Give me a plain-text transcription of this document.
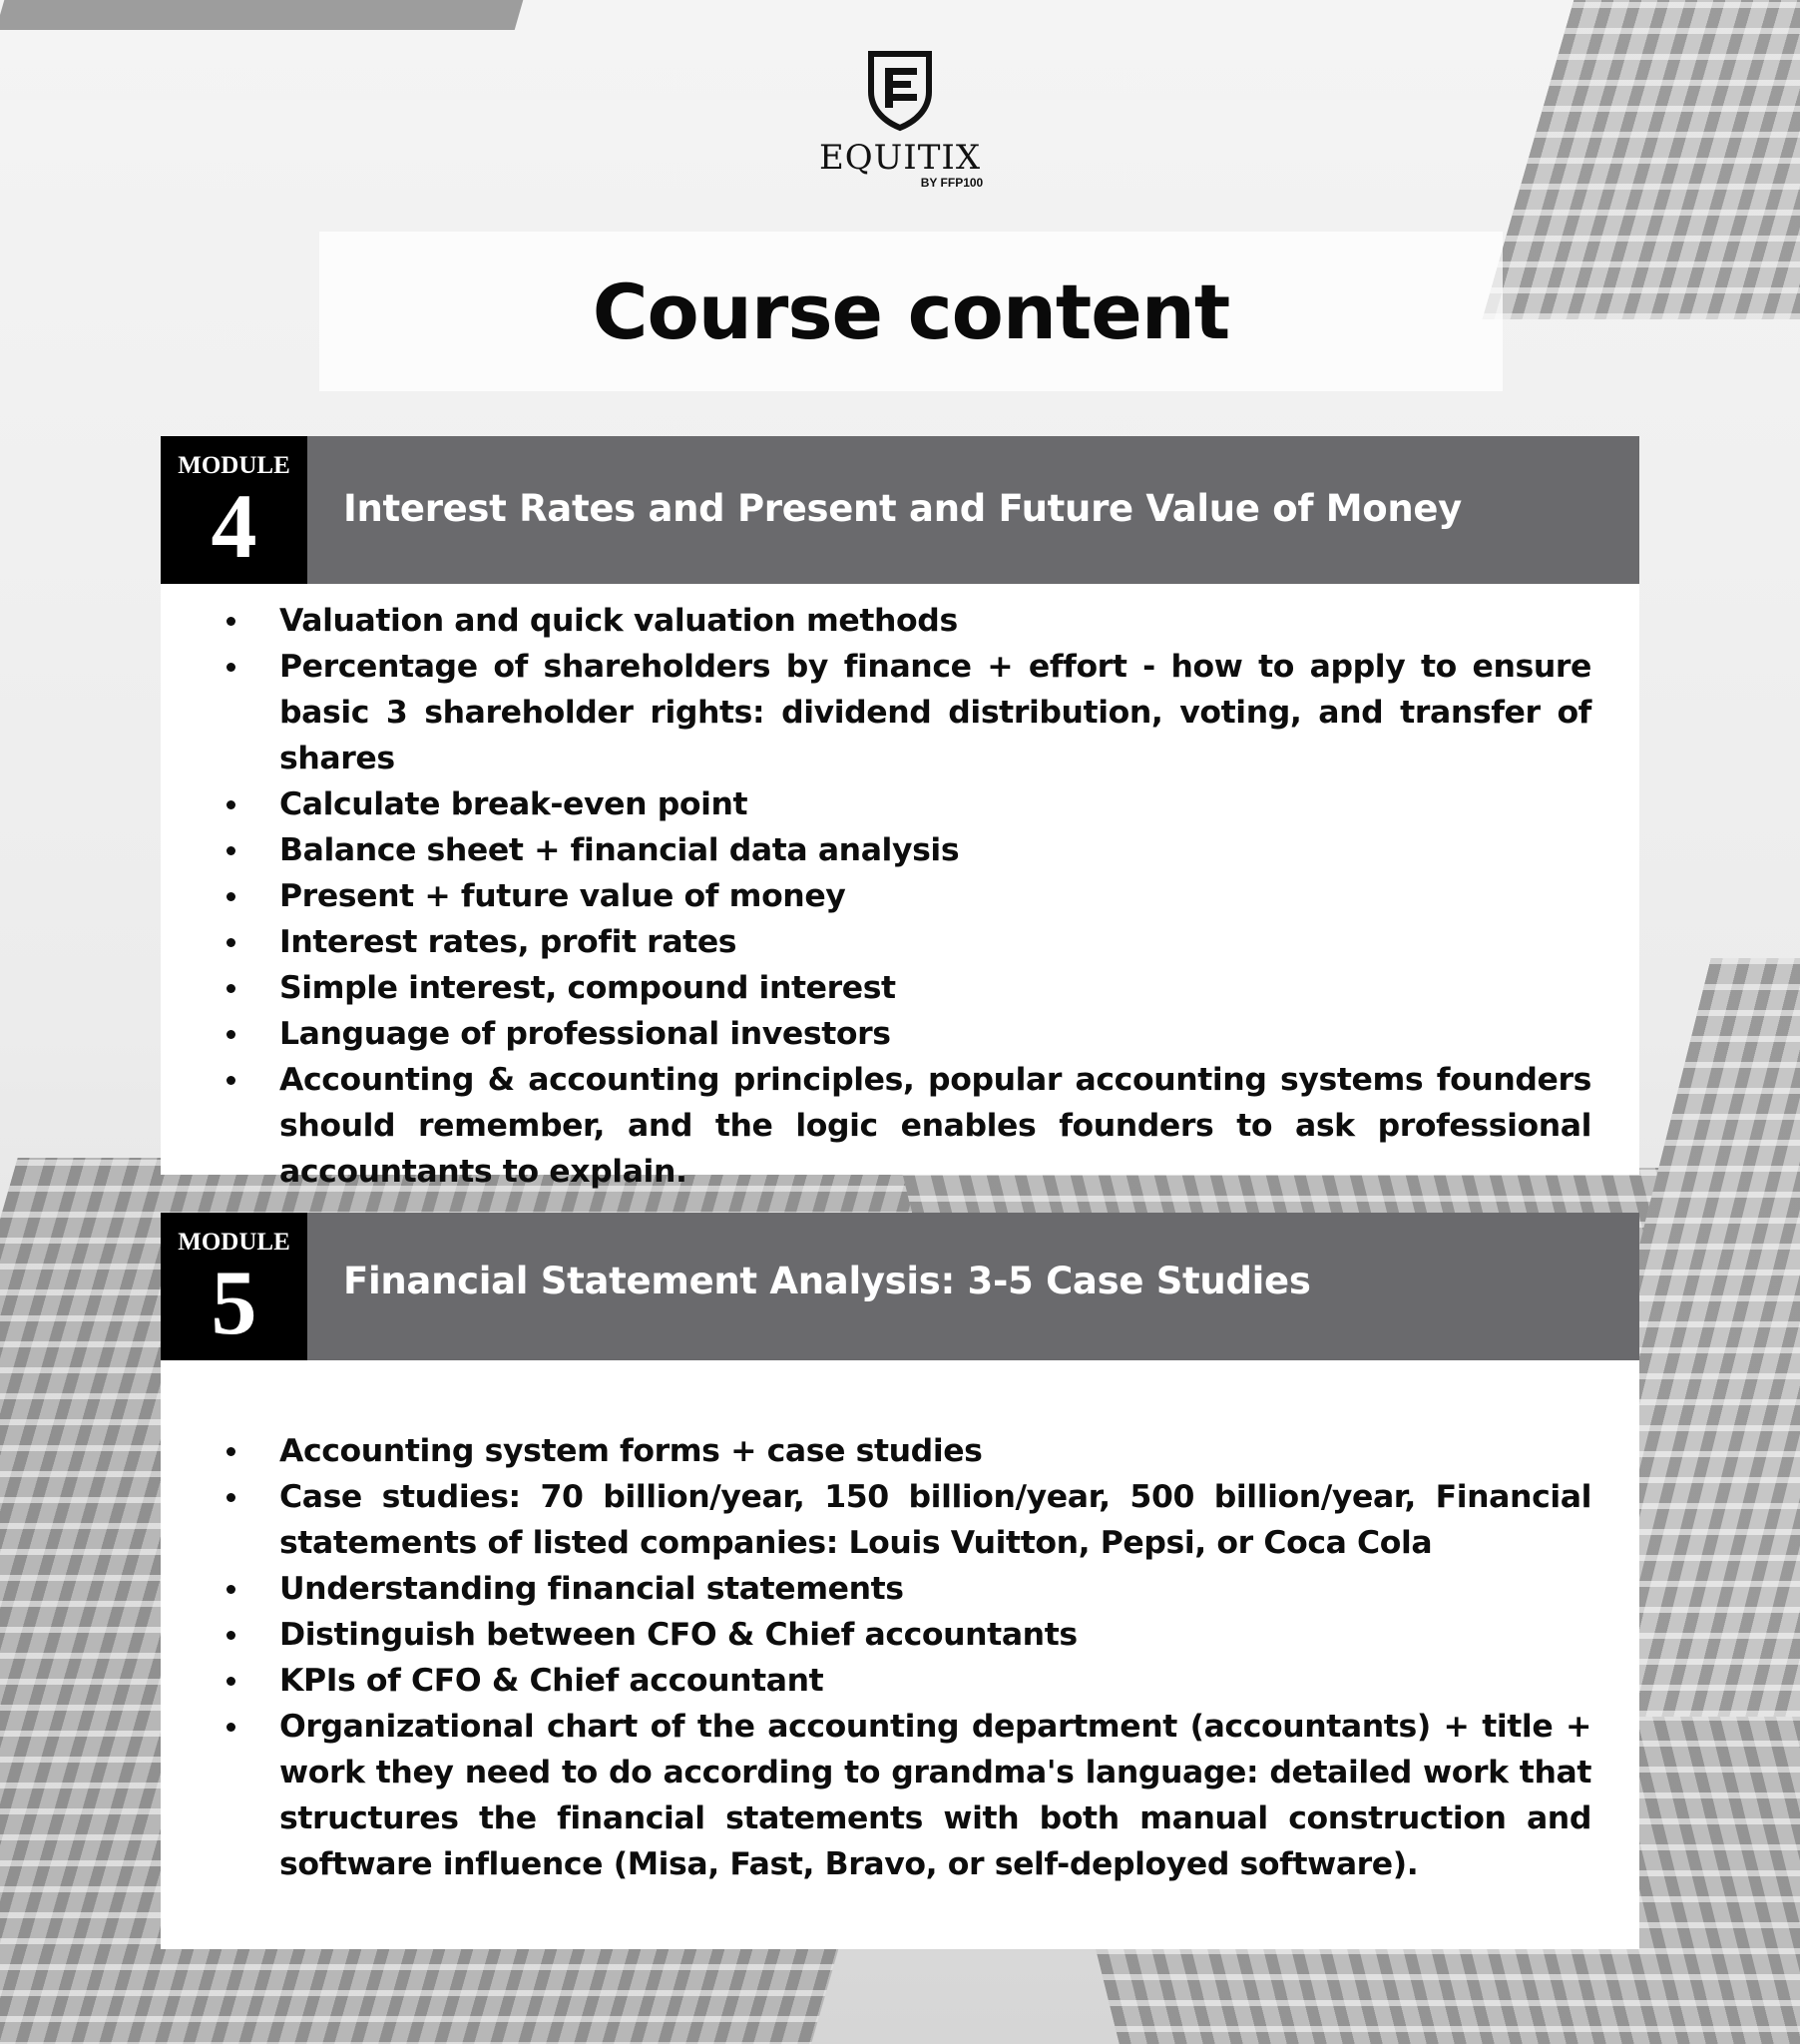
EQUITIX
BY FFP100
Course content
MODULE
4	Interest Rates and Present and Future Value of Money
Valuation and quick valuation methods
Percentage of shareholders by finance + effort - how to apply to ensure basic 3 shareholder rights: dividend distribution, voting, and transfer of shares
Calculate break-even point
Balance sheet + financial data analysis
Present + future value of money
Interest rates, profit rates
Simple interest, compound interest
Language of professional investors
Accounting & accounting principles, popular accounting systems founders should remember, and the logic enables founders to ask professional accountants to explain.
MODULE
5	Financial Statement Analysis: 3-5 Case Studies
Accounting system forms + case studies
Case studies: 70 billion/year, 150 billion/year, 500 billion/year, Financial statements of listed companies: Louis Vuitton, Pepsi, or Coca Cola
Understanding financial statements
Distinguish between CFO & Chief accountants
KPIs of CFO & Chief accountant
Organizational chart of the accounting department (accountants) + title + work they need to do according to grandma's language: detailed work that structures the financial statements with both manual construction and software influence (Misa, Fast, Bravo, or self-deployed software).
